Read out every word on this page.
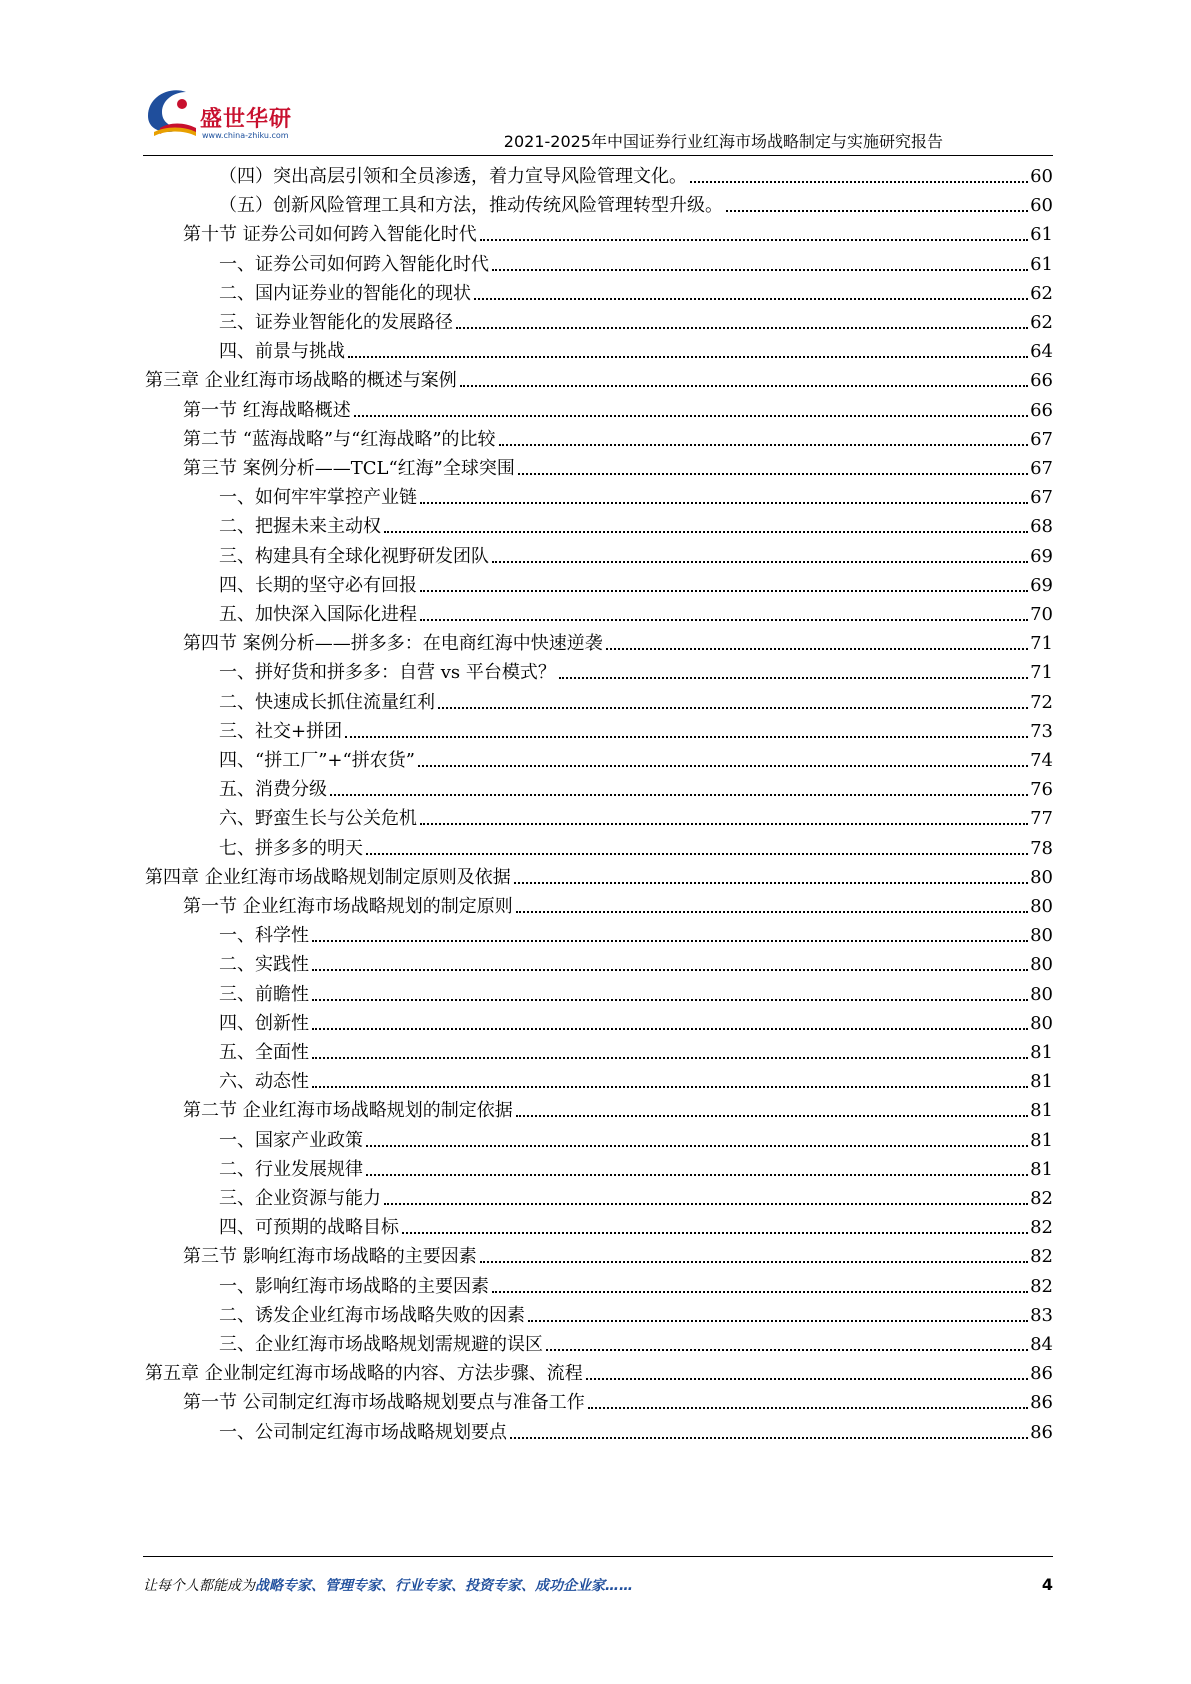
盛世华研
www.china-zhiku.com	2021-2025年中国证券行业红海市场战略制定与实施研究报告
（四）突出高层引领和全员渗透，着力宣导风险管理文化。	60
（五）创新风险管理工具和方法，推动传统风险管理转型升级。	60
第十节 证券公司如何跨入智能化时代	61
一、证券公司如何跨入智能化时代	61
二、国内证券业的智能化的现状	62
三、证券业智能化的发展路径	62
四、前景与挑战	64
第三章 企业红海市场战略的概述与案例	66
第一节 红海战略概述	66
第二节 “蓝海战略”与“红海战略”的比较	67
第三节 案例分析——TCL“红海”全球突围	67
一、如何牢牢掌控产业链	67
二、把握未来主动权	68
三、构建具有全球化视野研发团队	69
四、长期的坚守必有回报	69
五、加快深入国际化进程	70
第四节 案例分析——拼多多：在电商红海中快速逆袭	71
一、拼好货和拼多多：自营 vs 平台模式？	71
二、快速成长抓住流量红利	72
三、社交+拼团	73
四、“拼工厂”+“拼农货”	74
五、消费分级	76
六、野蛮生长与公关危机	77
七、拼多多的明天	78
第四章 企业红海市场战略规划制定原则及依据	80
第一节 企业红海市场战略规划的制定原则	80
一、科学性	80
二、实践性	80
三、前瞻性	80
四、创新性	80
五、全面性	81
六、动态性	81
第二节 企业红海市场战略规划的制定依据	81
一、国家产业政策	81
二、行业发展规律	81
三、企业资源与能力	82
四、可预期的战略目标	82
第三节 影响红海市场战略的主要因素	82
一、影响红海市场战略的主要因素	82
二、诱发企业红海市场战略失败的因素	83
三、企业红海市场战略规划需规避的误区	84
第五章 企业制定红海市场战略的内容、方法步骤、流程	86
第一节 公司制定红海市场战略规划要点与准备工作	86
一、公司制定红海市场战略规划要点	86
让每个人都能成为战略专家、管理专家、行业专家、投资专家、成功企业家……	4
